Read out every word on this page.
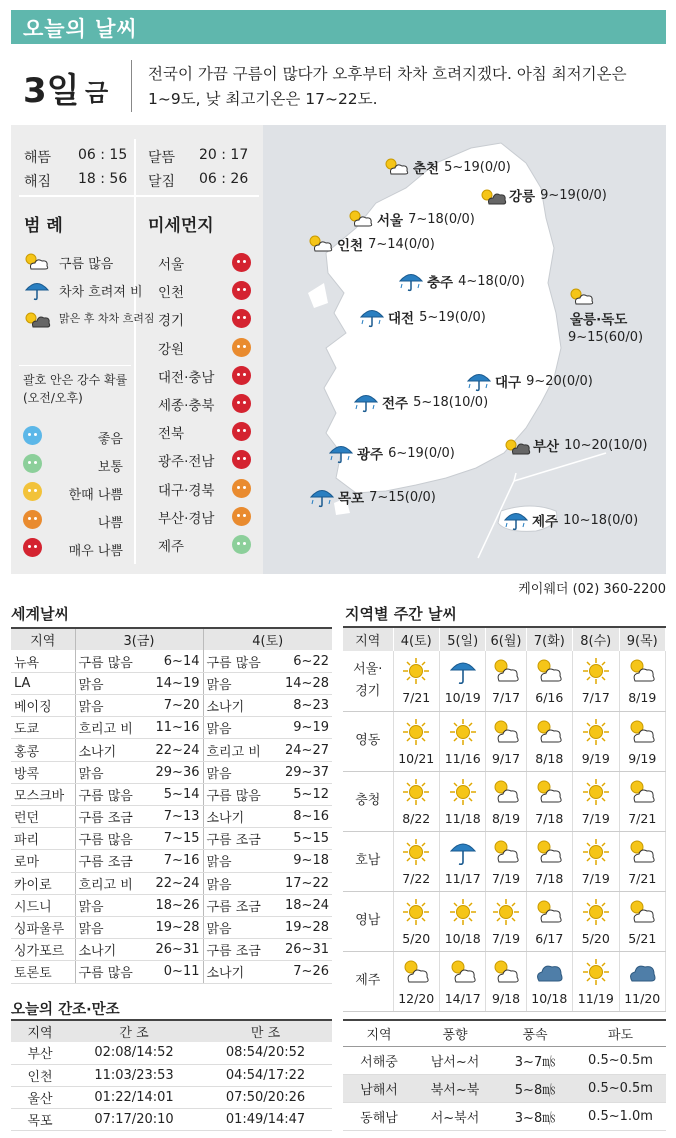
오늘의 날씨
3일 금
전국이 가끔 구름이 많다가 오후부터 차차 흐려지겠다. 아침 최저기온은 1~9도, 낮 최고기온은 17~22도.
해뜸 06 : 15
해짐 18 : 56
달뜸 20 : 17
달짐 06 : 26
범 례	미세먼지
구름 많음
차차 흐려져 비
맑은 후 차차 흐려짐
괄호 안은 강수 확률 (오전/오후)
좋음
보통
한때 나쁨
나쁨
매우 나쁨
서울
인천
경기
강원
대전·충남
세종·충북
전북
광주·전남
대구·경북
부산·경남
제주
춘천 5~19(0/0)
강릉 9~19(0/0)
서울 7~18(0/0)
인천 7~14(0/0)
충주 4~18(0/0)
울릉·독도
9~15(60/0)
대전 5~19(0/0)
대구 9~20(0/0)
전주 5~18(10/0)
부산 10~20(10/0)
광주 6~19(0/0)
목포 7~15(0/0)
제주 10~18(0/0)
케이웨더 (02) 360-2200
세계날씨
지역	3(금)		4(토)	
뉴욕	구름 많음	6~14	구름 많음	6~22
LA	맑음	14~19	맑음	14~28
베이징	맑음	7~20	소나기	8~23
도쿄	흐리고 비	11~16	맑음	9~19
홍콩	소나기	22~24	흐리고 비	24~27
방콕	맑음	29~36	맑음	29~37
모스크바	구름 많음	5~14	구름 많음	5~12
런던	구름 조금	7~13	소나기	8~16
파리	구름 많음	7~15	구름 조금	5~15
로마	구름 조금	7~16	맑음	9~18
카이로	흐리고 비	22~24	맑음	17~22
시드니	맑음	18~26	구름 조금	18~24
싱파울루	맑음	19~28	맑음	19~28
싱가포르	소나기	26~31	구름 조금	26~31
토론토	구름 많음	0~11	소나기	7~26
지역별 주간 날씨
지역	4(토)	5(일)	6(월)	7(화)	8(수)	9(목)
서울·
경기	7/21	10/19	7/17	6/16	7/17	8/19

영동	10/21	11/16	9/17	8/18	9/19	9/19

충청	8/22	11/18	8/19	7/18	7/19	7/21

호남	7/22	11/17	7/19	7/18	7/19	7/21

영남	5/20	10/18	7/19	6/17	5/20	5/21

제주	12/20	14/17	9/18	10/18	11/19	11/20
오늘의 간조·만조
지역	간 조	만 조
부산	02:08/14:52	08:54/20:52
인천	11:03/23:53	04:54/17:22
울산	01:22/14:01	07:50/20:26
목포	07:17/20:10	01:49/14:47
지역	풍향	풍속	파도
서해중	남서~서	3~7㎧	0.5~0.5m
남해서	북서~북	5~8㎧	0.5~0.5m
동해남	서~북서	3~8㎧	0.5~1.0m
